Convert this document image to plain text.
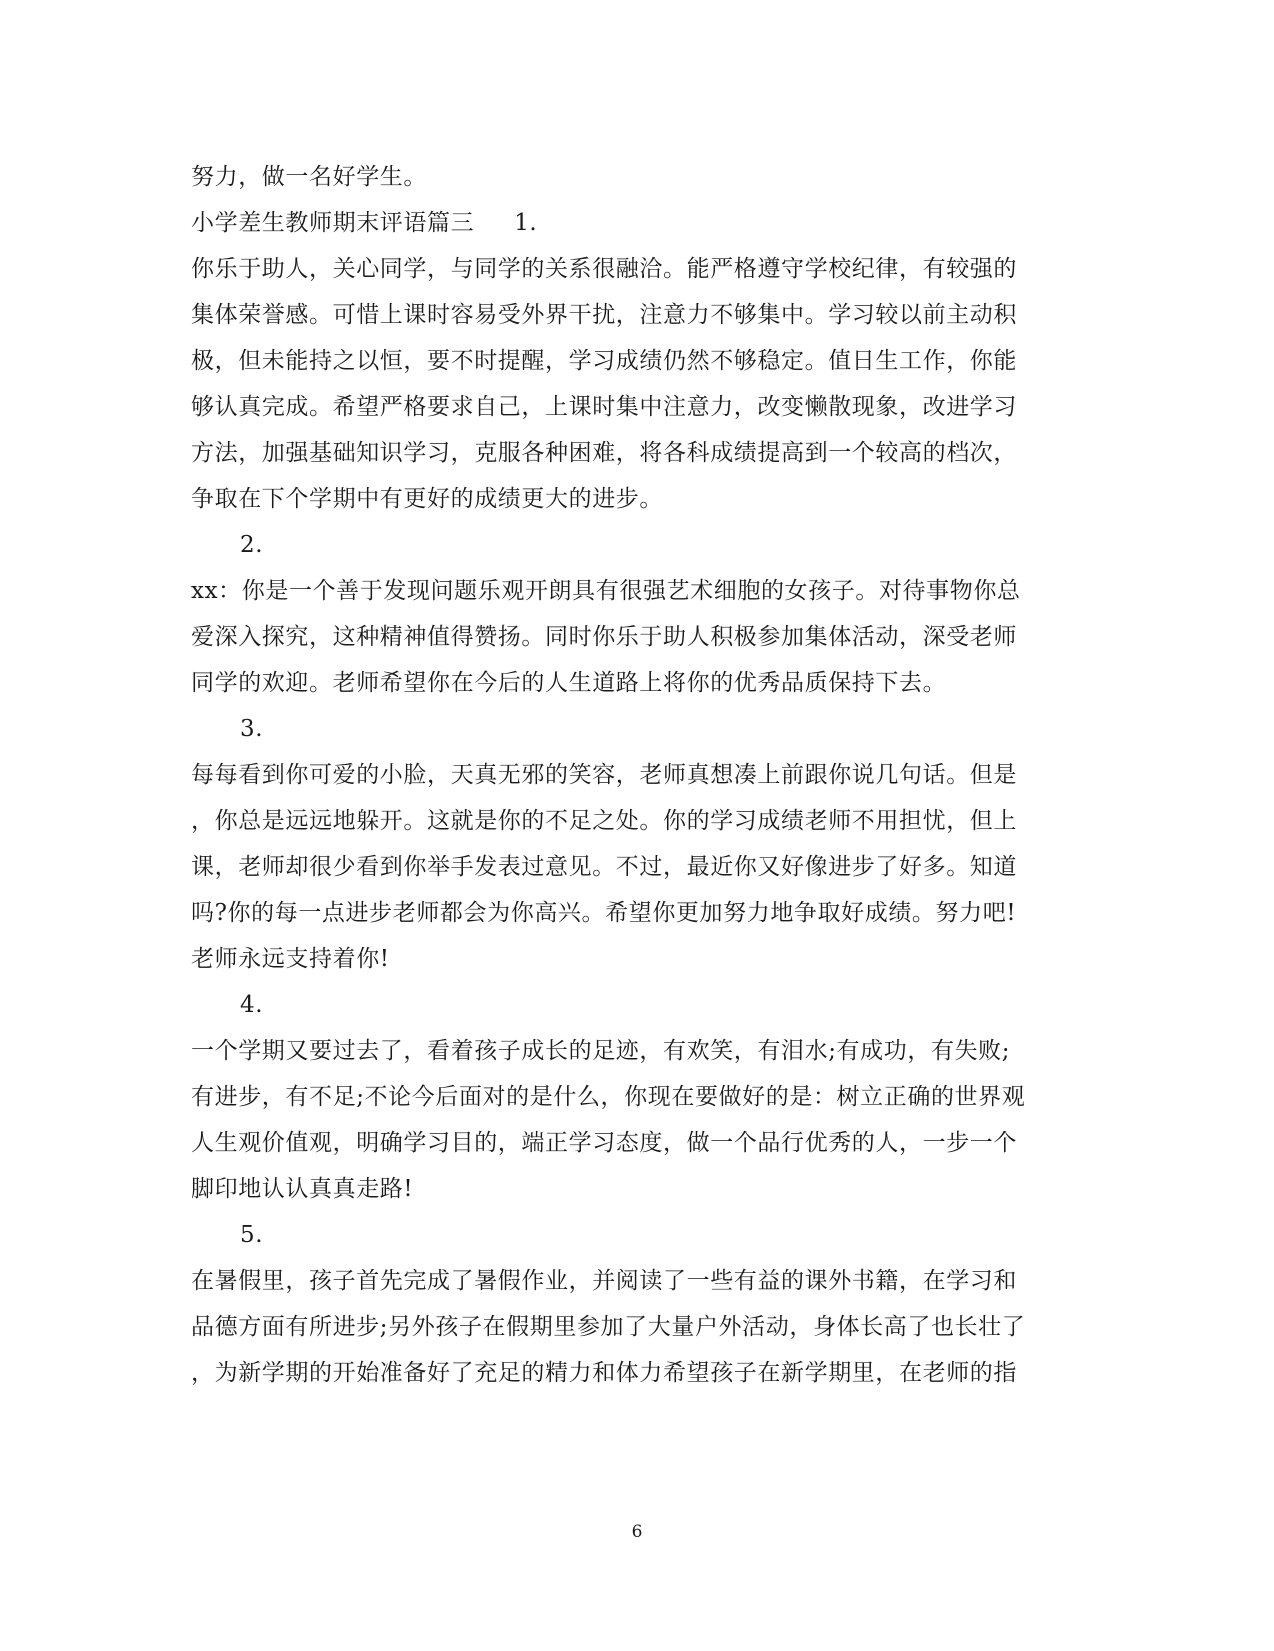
努力，做一名好学生。
小学差生教师期末评语篇三 1.
你乐于助人，关心同学，与同学的关系很融洽。能严格遵守学校纪律，有较强的
集体荣誉感。可惜上课时容易受外界干扰，注意力不够集中。学习较以前主动积
极，但未能持之以恒，要不时提醒，学习成绩仍然不够稳定。值日生工作，你能
够认真完成。希望严格要求自己，上课时集中注意力，改变懒散现象，改进学习
方法，加强基础知识学习，克服各种困难，将各科成绩提高到一个较高的档次，
争取在下个学期中有更好的成绩更大的进步。
2.
xx：你是一个善于发现问题乐观开朗具有很强艺术细胞的女孩子。对待事物你总
爱深入探究，这种精神值得赞扬。同时你乐于助人积极参加集体活动，深受老师
同学的欢迎。老师希望你在今后的人生道路上将你的优秀品质保持下去。
3.
每每看到你可爱的小脸，天真无邪的笑容，老师真想凑上前跟你说几句话。但是
，你总是远远地躲开。这就是你的不足之处。你的学习成绩老师不用担忧，但上
课，老师却很少看到你举手发表过意见。不过，最近你又好像进步了好多。知道
吗?你的每一点进步老师都会为你高兴。希望你更加努力地争取好成绩。努力吧!
老师永远支持着你!
4.
一个学期又要过去了，看着孩子成长的足迹，有欢笑，有泪水;有成功，有失败;
有进步，有不足;不论今后面对的是什么，你现在要做好的是：树立正确的世界观
人生观价值观，明确学习目的，端正学习态度，做一个品行优秀的人，一步一个
脚印地认认真真走路!
5.
在暑假里，孩子首先完成了暑假作业，并阅读了一些有益的课外书籍，在学习和
品德方面有所进步;另外孩子在假期里参加了大量户外活动，身体长高了也长壮了
，为新学期的开始准备好了充足的精力和体力希望孩子在新学期里，在老师的指
6
